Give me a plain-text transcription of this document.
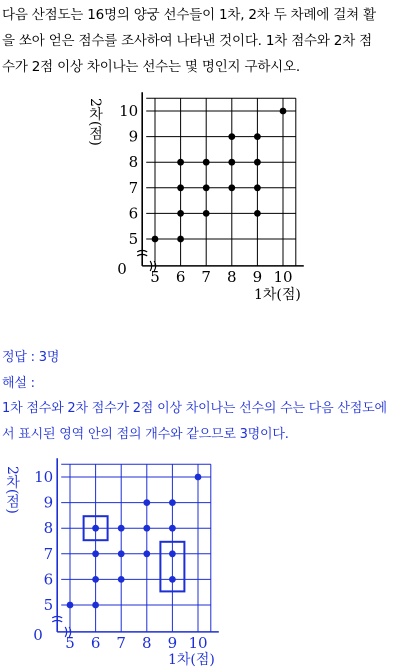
다음 산점도는 16명의 양궁 선수들이 1차, 2차 두 차례에 걸쳐 활
을 쏘아 얻은 점수를 조사하여 나타낸 것이다. 1차 점수와 2차 점
수가 2점 이상 차이나는 선수는 몇 명인지 구하시오.
5
6
7
8
9
10
5 6 7 8 9 10
0
1차(점)
2차(점)
5
6
7
8
9
10
5 6 7 8 9 10
0
1차(점)
2차(점)
정답 : 3명
해설 :
1차 점수와 2차 점수가 2점 이상 차이나는 선수의 수는 다음 산점도에
서 표시된 영역 안의 점의 개수와 같으므로 3명이다.
